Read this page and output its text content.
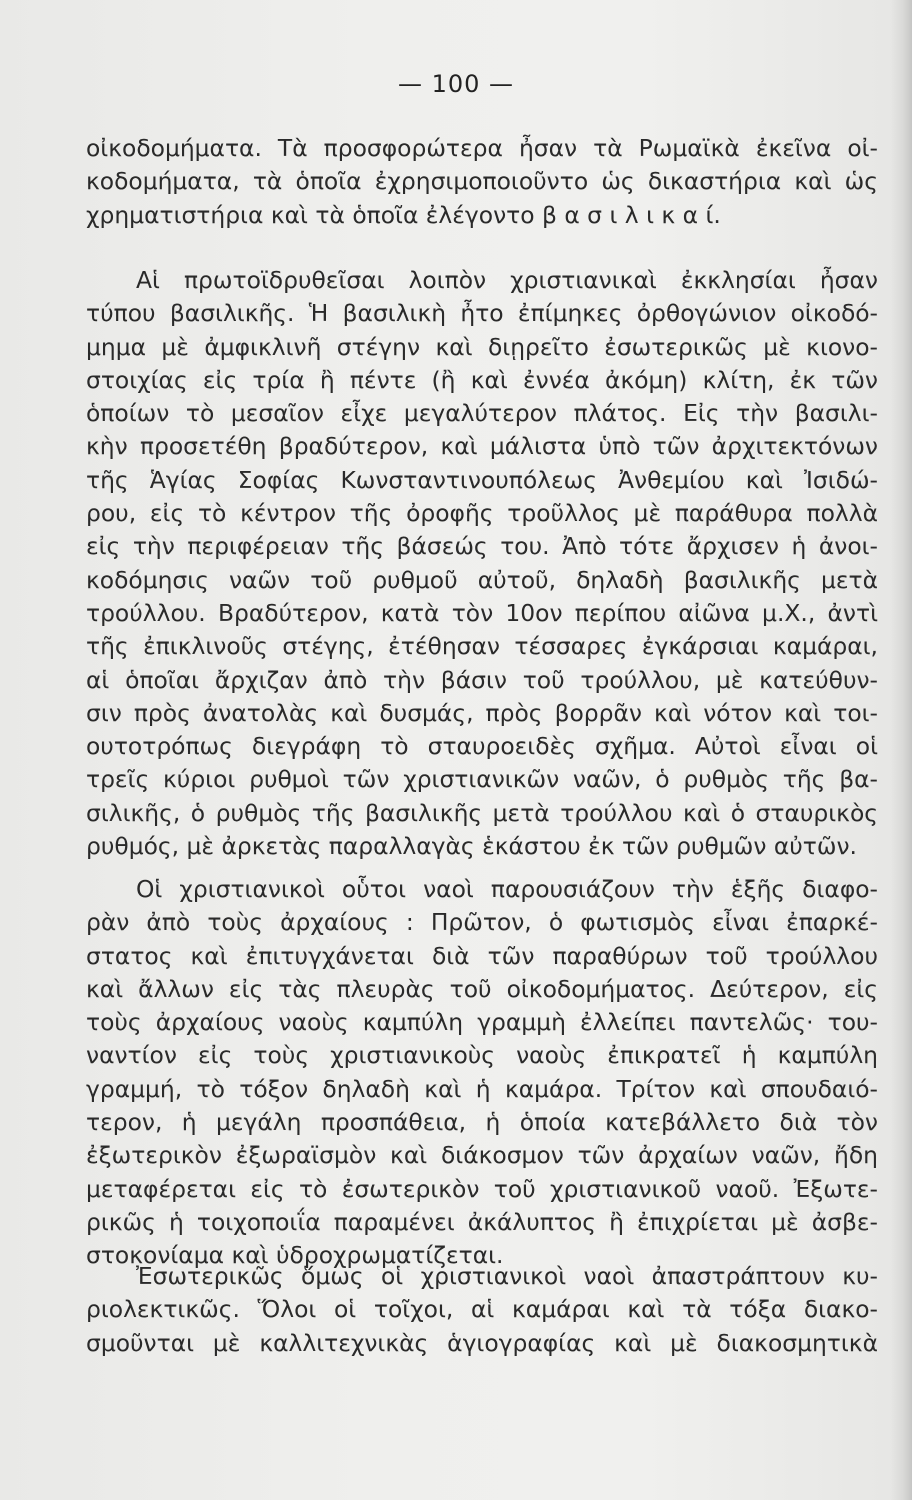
— 100 —
οἰκοδομήματα. Τὰ προσφορώτερα ἦσαν τὰ Ρωμαϊκὰ ἐκεῖνα οἰ-
κοδομήματα, τὰ ὁποῖα ἐχρησιμοποιοῦντο ὡς δικαστήρια καὶ ὡς
χρηματιστήρια καὶ τὰ ὁποῖα ἐλέγοντο β α σ ι λ ι κ α ί.
Αἱ πρωτοϊδρυθεῖσαι λοιπὸν χριστιανικαὶ ἐκκλησίαι ἦσαν
τύπου βασιλικῆς. Ἡ βασιλικὴ ἦτο ἐπίμηκες ὀρθογώνιον οἰκοδό-
μημα μὲ ἀμφικλινῆ στέγην καὶ διῃρεῖτο ἐσωτερικῶς μὲ κιονο-
στοιχίας εἰς τρία ἢ πέντε (ἢ καὶ ἐννέα ἀκόμη) κλίτη, ἐκ τῶν
ὁποίων τὸ μεσαῖον εἶχε μεγαλύτερον πλάτος. Εἰς τὴν βασιλι-
κὴν προσετέθη βραδύτερον, καὶ μάλιστα ὑπὸ τῶν ἀρχιτεκτόνων
τῆς Ἁγίας Σοφίας Κωνσταντινουπόλεως Ἀνθεμίου καὶ Ἰσιδώ-
ρου, εἰς τὸ κέντρον τῆς ὀροφῆς τροῦλλος μὲ παράθυρα πολλὰ
εἰς τὴν περιφέρειαν τῆς βάσεώς του. Ἀπὸ τότε ἄρχισεν ἡ ἀνοι-
κοδόμησις ναῶν τοῦ ρυθμοῦ αὐτοῦ, δηλαδὴ βασιλικῆς μετὰ
τρούλλου. Βραδύτερον, κατὰ τὸν 10ον περίπου αἰῶνα μ.Χ., ἀντὶ
τῆς ἐπικλινοῦς στέγης, ἐτέθησαν τέσσαρες ἐγκάρσιαι καμάραι,
αἱ ὁποῖαι ἄρχιζαν ἀπὸ τὴν βάσιν τοῦ τρούλλου, μὲ κατεύθυν-
σιν πρὸς ἀνατολὰς καὶ δυσμάς, πρὸς βορρᾶν καὶ νότον καὶ τοι-
ουτοτρόπως διεγράφη τὸ σταυροειδὲς σχῆμα. Αὐτοὶ εἶναι οἱ
τρεῖς κύριοι ρυθμοὶ τῶν χριστιανικῶν ναῶν, ὁ ρυθμὸς τῆς βα-
σιλικῆς, ὁ ρυθμὸς τῆς βασιλικῆς μετὰ τρούλλου καὶ ὁ σταυρικὸς
ρυθμός, μὲ ἀρκετὰς παραλλαγὰς ἑκάστου ἐκ τῶν ρυθμῶν αὐτῶν.
Οἱ χριστιανικοὶ οὗτοι ναοὶ παρουσιάζουν τὴν ἑξῆς διαφο-
ρὰν ἀπὸ τοὺς ἀρχαίους : Πρῶτον, ὁ φωτισμὸς εἶναι ἐπαρκέ-
στατος καὶ ἐπιτυγχάνεται διὰ τῶν παραθύρων τοῦ τρούλλου
καὶ ἄλλων εἰς τὰς πλευρὰς τοῦ οἰκοδομήματος. Δεύτερον, εἰς
τοὺς ἀρχαίους ναοὺς καμπύλη γραμμὴ ἐλλείπει παντελῶς· του-
ναντίον εἰς τοὺς χριστιανικοὺς ναοὺς ἐπικρατεῖ ἡ καμπύλη
γραμμή, τὸ τόξον δηλαδὴ καὶ ἡ καμάρα. Τρίτον καὶ σπουδαιό-
τερον, ἡ μεγάλη προσπάθεια, ἡ ὁποία κατεβάλλετο διὰ τὸν
ἐξωτερικὸν ἐξωραϊσμὸν καὶ διάκοσμον τῶν ἀρχαίων ναῶν, ἤδη
μεταφέρεται εἰς τὸ ἐσωτερικὸν τοῦ χριστιανικοῦ ναοῦ. Ἐξωτε-
ρικῶς ἡ τοιχοποιΐα παραμένει ἀκάλυπτος ἢ ἐπιχρίεται μὲ ἀσβε-
στοκονίαμα καὶ ὑδροχρωματίζεται.
Ἐσωτερικῶς ὅμως οἱ χριστιανικοὶ ναοὶ ἀπαστράπτουν κυ-
ριολεκτικῶς. Ὅλοι οἱ τοῖχοι, αἱ καμάραι καὶ τὰ τόξα διακο-
σμοῦνται μὲ καλλιτεχνικὰς ἁγιογραφίας καὶ μὲ διακοσμητικὰ
